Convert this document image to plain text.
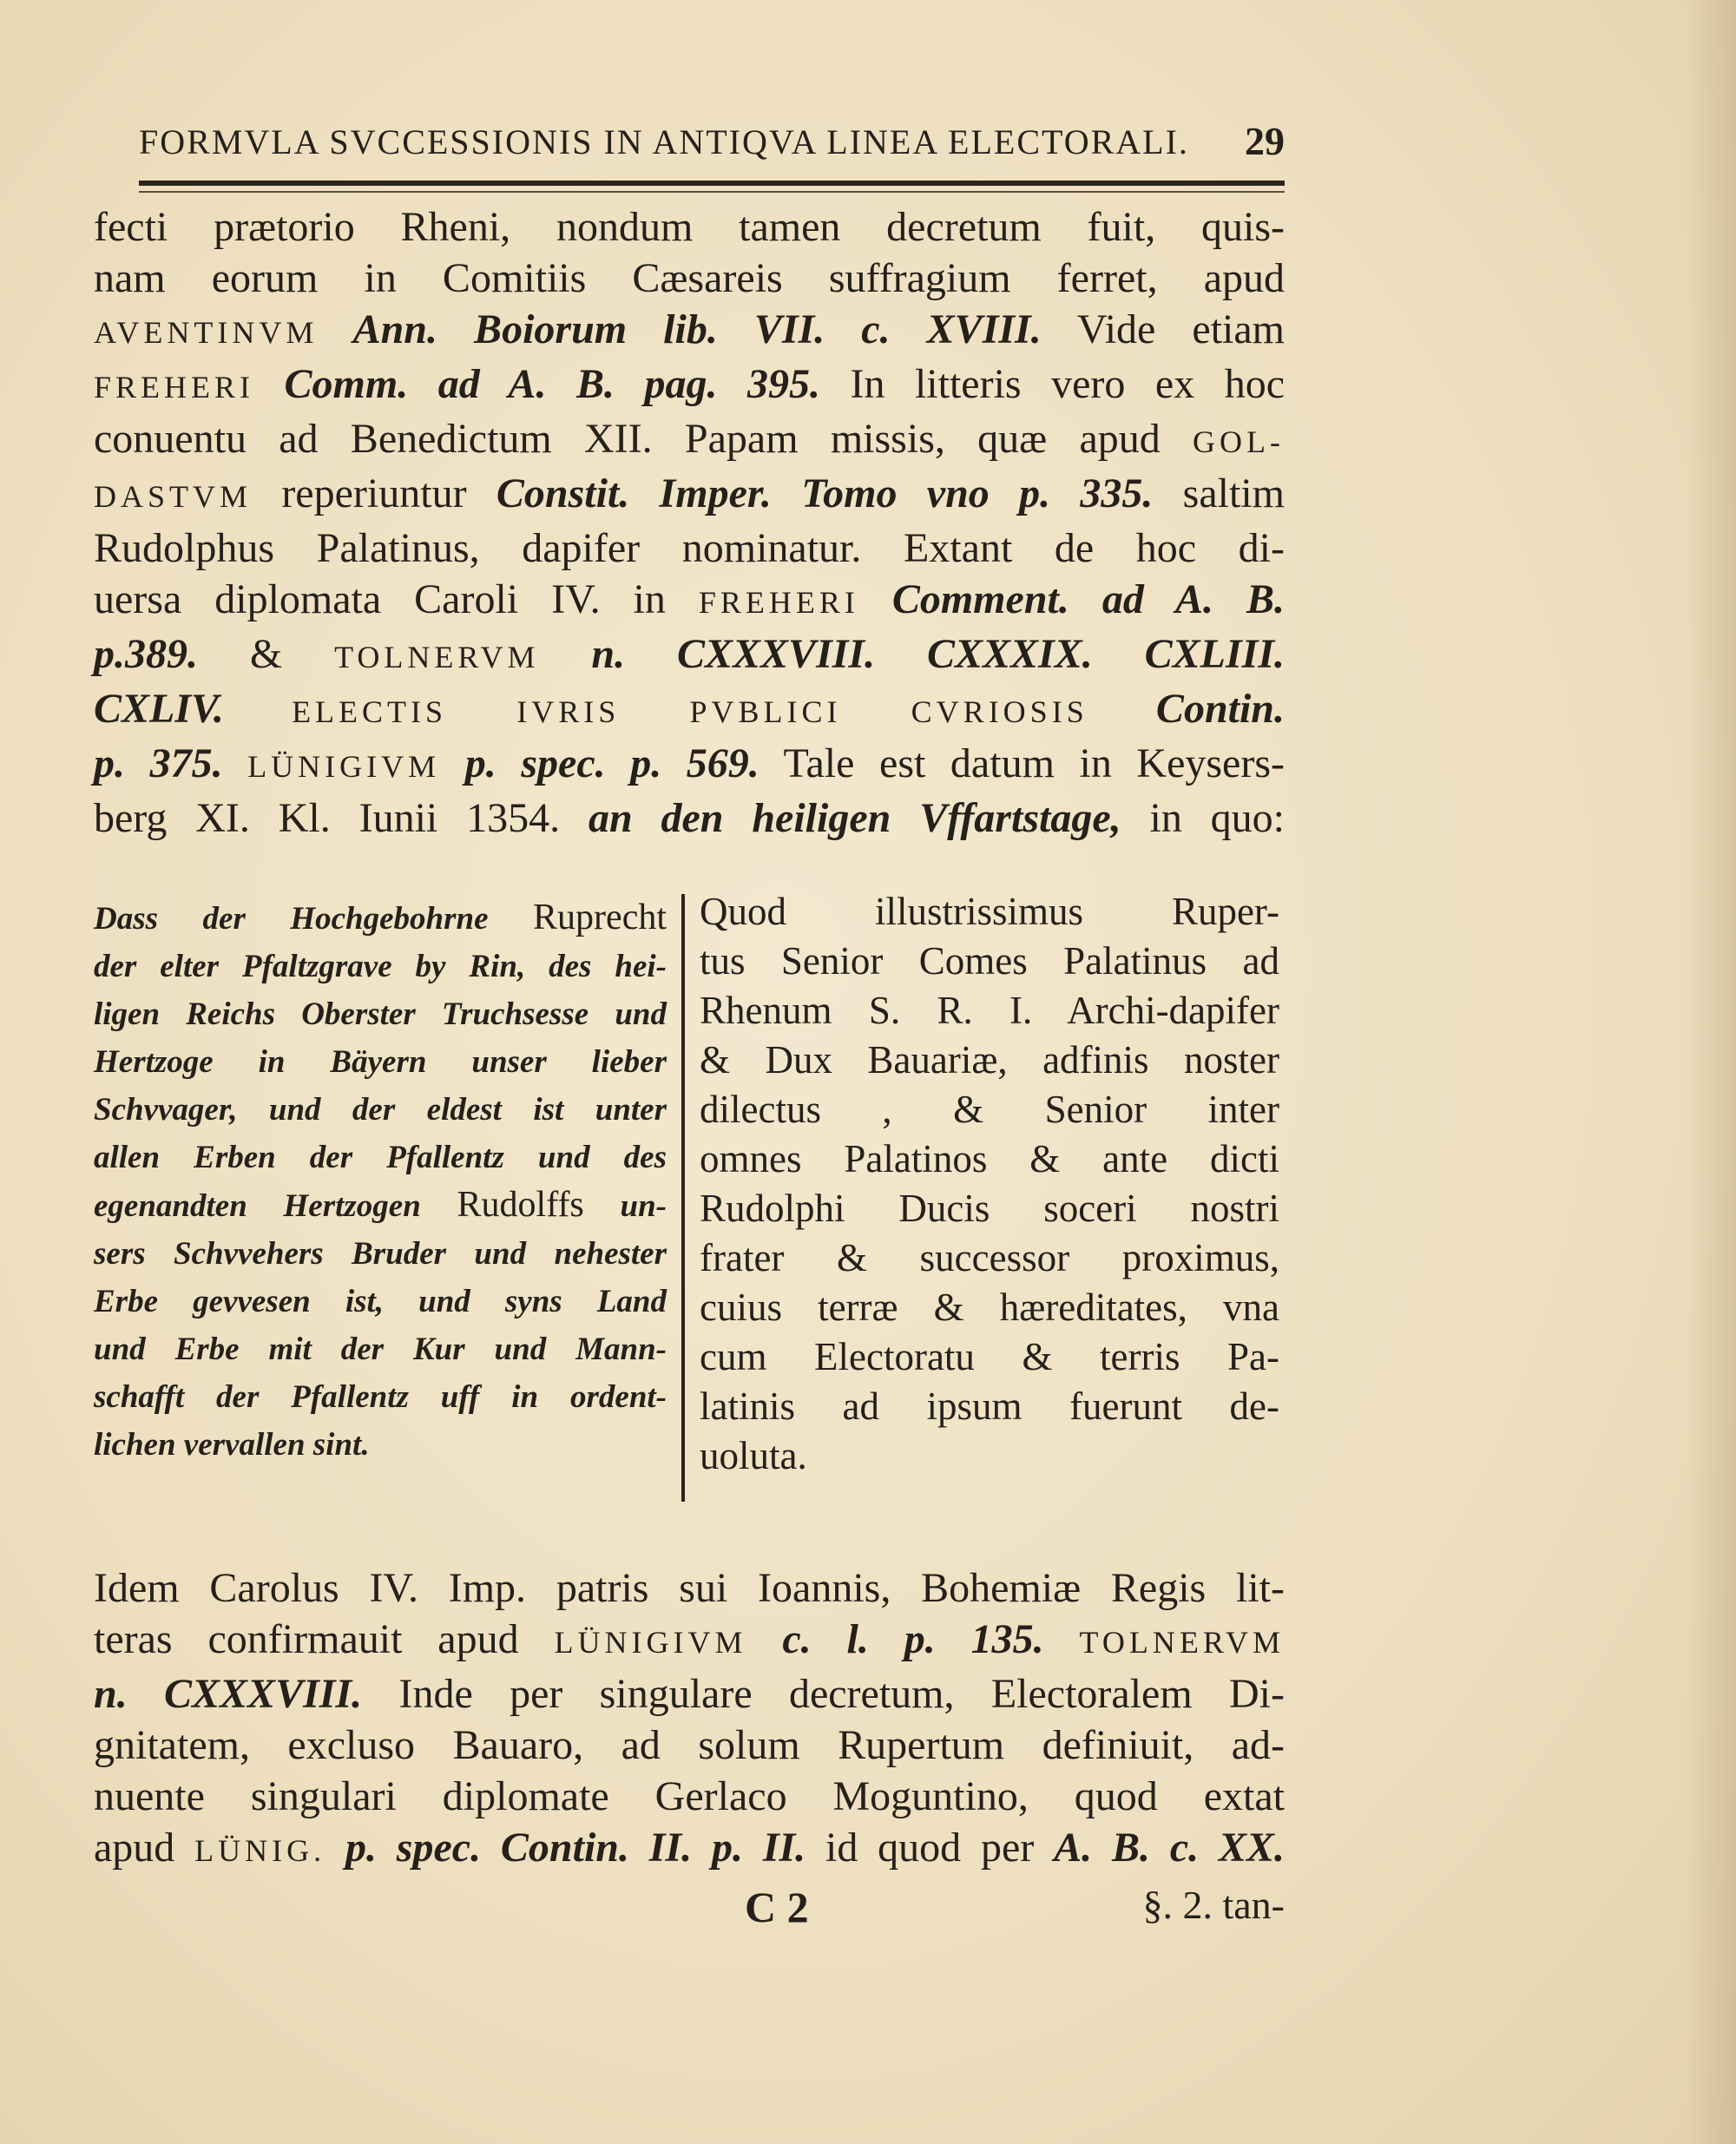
FORMVLA SVCCESSIONIS IN ANTIQVA LINEA ELECTORALI. 29
fecti prætorio Rheni, nondum tamen decretum fuit, quis-
nam eorum in Comitiis Cæsareis suffragium ferret, apud
AVENTINVM Ann. Boiorum lib. VII. c. XVIII. Vide etiam
FREHERI Comm. ad A. B. pag. 395. In litteris vero ex hoc
conuentu ad Benedictum XII. Papam missis, quæ apud GOL-
DASTVM reperiuntur Constit. Imper. Tomo vno p. 335. saltim
Rudolphus Palatinus, dapifer nominatur. Extant de hoc di-
uersa diplomata Caroli IV. in FREHERI Comment. ad A. B.
p.389. & TOLNERVM n. CXXXVIII. CXXXIX. CXLIII.
CXLIV. ELECTIS IVRIS PVBLICI CVRIOSIS Contin.
p. 375. LÜNIGIVM p. spec. p. 569. Tale est datum in Keysers-
berg XI. Kl. Iunii 1354. an den heiligen Vffartstage, in quo:
Dass der Hochgebohrne Ruprecht
der elter Pfaltzgrave by Rin, des hei-
ligen Reichs Oberster Truchsesse und
Hertzoge in Bäyern unser lieber
Schvvager, und der eldest ist unter
allen Erben der Pfallentz und des
egenandten Hertzogen Rudolffs un-
sers Schvvehers Bruder und nehester
Erbe gevvesen ist, und syns Land
und Erbe mit der Kur und Mann-
schafft der Pfallentz uff in ordent-
lichen vervallen sint.
Quod illustrissimus Ruper-
tus Senior Comes Palatinus ad
Rhenum S. R. I. Archi-dapifer
& Dux Bauariæ, adfinis noster
dilectus , & Senior inter
omnes Palatinos & ante dicti
Rudolphi Ducis soceri nostri
frater & successor proximus,
cuius terræ & hæreditates, vna
cum Electoratu & terris Pa-
latinis ad ipsum fuerunt de-
uoluta.
Idem Carolus IV. Imp. patris sui Ioannis, Bohemiæ Regis lit-
teras confirmauit apud LÜNIGIVM c. l. p. 135. TOLNERVM
n. CXXXVIII. Inde per singulare decretum, Electoralem Di-
gnitatem, excluso Bauaro, ad solum Rupertum definiuit, ad-
nuente singulari diplomate Gerlaco Moguntino, quod extat
apud LÜNIG. p. spec. Contin. II. p. II. id quod per A. B. c. XX.
C 2	§. 2. tan-
